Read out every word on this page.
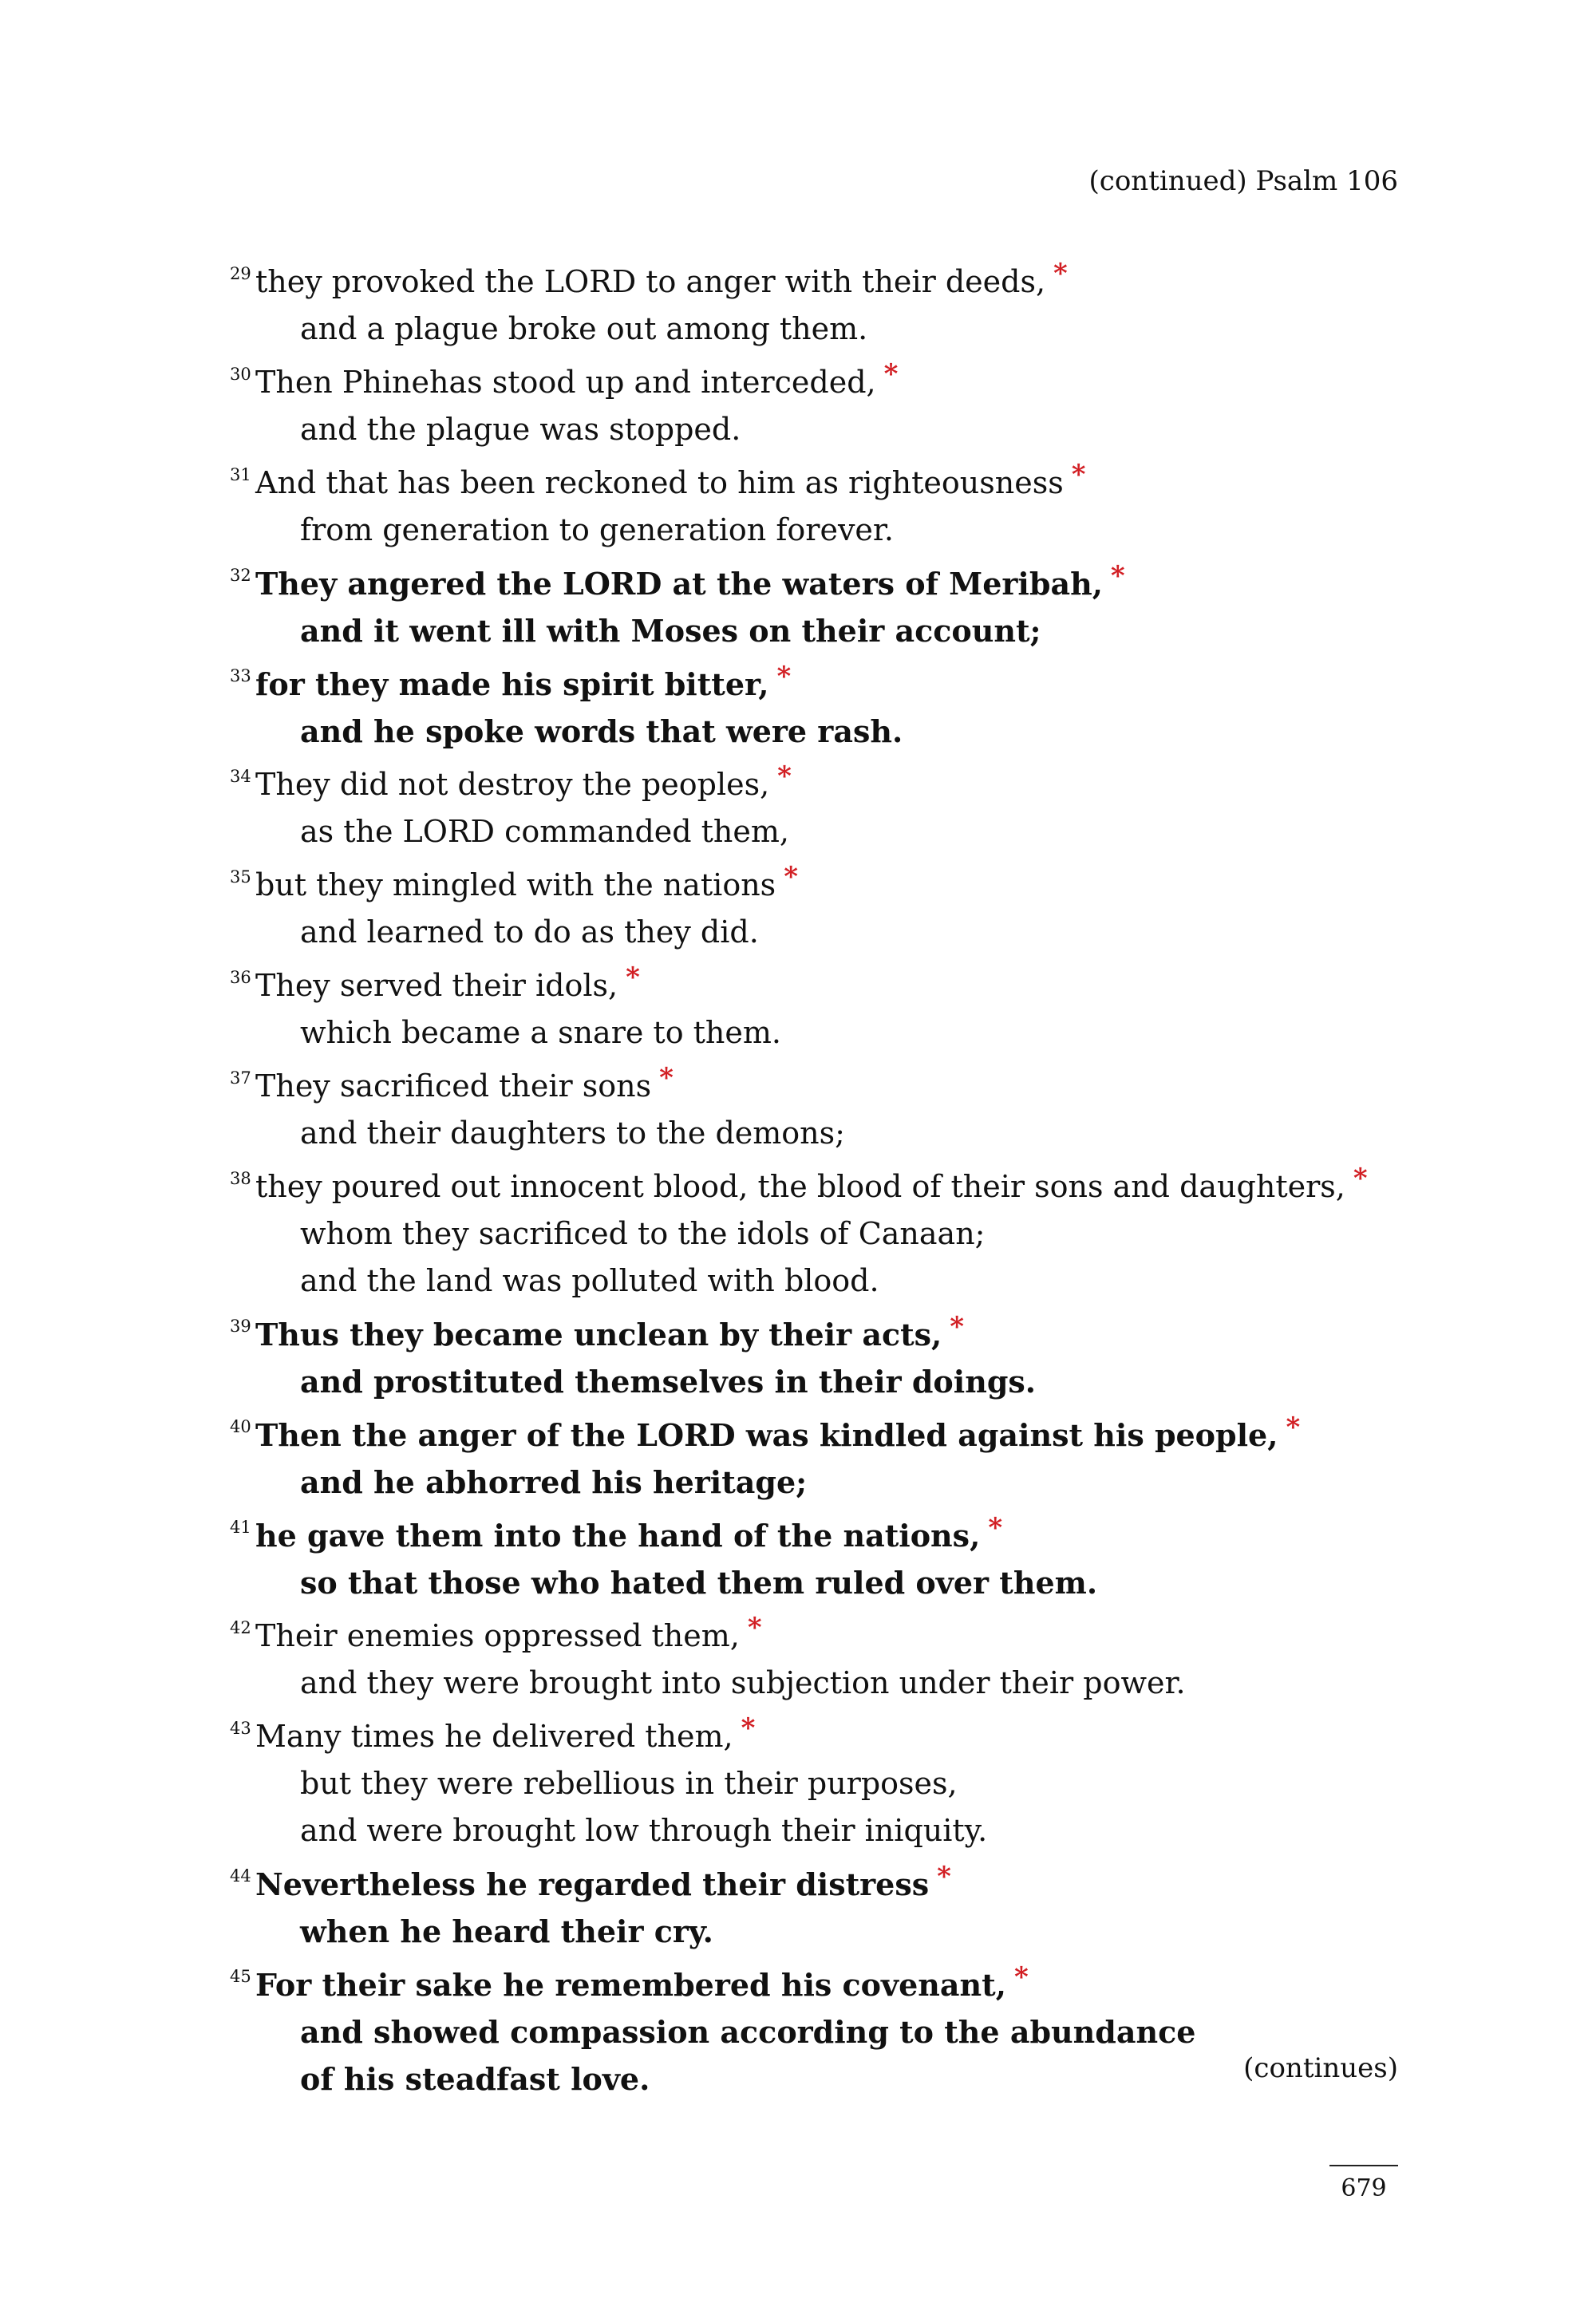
(continued) Psalm 106
29 they provoked the LORD to anger with their deeds, *
and a plague broke out among them.
30 Then Phinehas stood up and interceded, *
and the plague was stopped.
31 And that has been reckoned to him as righteousness *
from generation to generation forever.
32 They angered the LORD at the waters of Meribah, *
and it went ill with Moses on their account;
33 for they made his spirit bitter, *
and he spoke words that were rash.
34 They did not destroy the peoples, *
as the LORD commanded them,
35 but they mingled with the nations *
and learned to do as they did.
36 They served their idols, *
which became a snare to them.
37 They sacrificed their sons *
and their daughters to the demons;
38 they poured out innocent blood, the blood of their sons and daughters, *
whom they sacrificed to the idols of Canaan;
and the land was polluted with blood.
39 Thus they became unclean by their acts, *
and prostituted themselves in their doings.
40 Then the anger of the LORD was kindled against his people, *
and he abhorred his heritage;
41 he gave them into the hand of the nations, *
so that those who hated them ruled over them.
42 Their enemies oppressed them, *
and they were brought into subjection under their power.
43 Many times he delivered them, *
but they were rebellious in their purposes,
and were brought low through their iniquity.
44 Nevertheless he regarded their distress *
when he heard their cry.
45 For their sake he remembered his covenant, *
and showed compassion according to the abundance
of his steadfast love.	(continues)
679
